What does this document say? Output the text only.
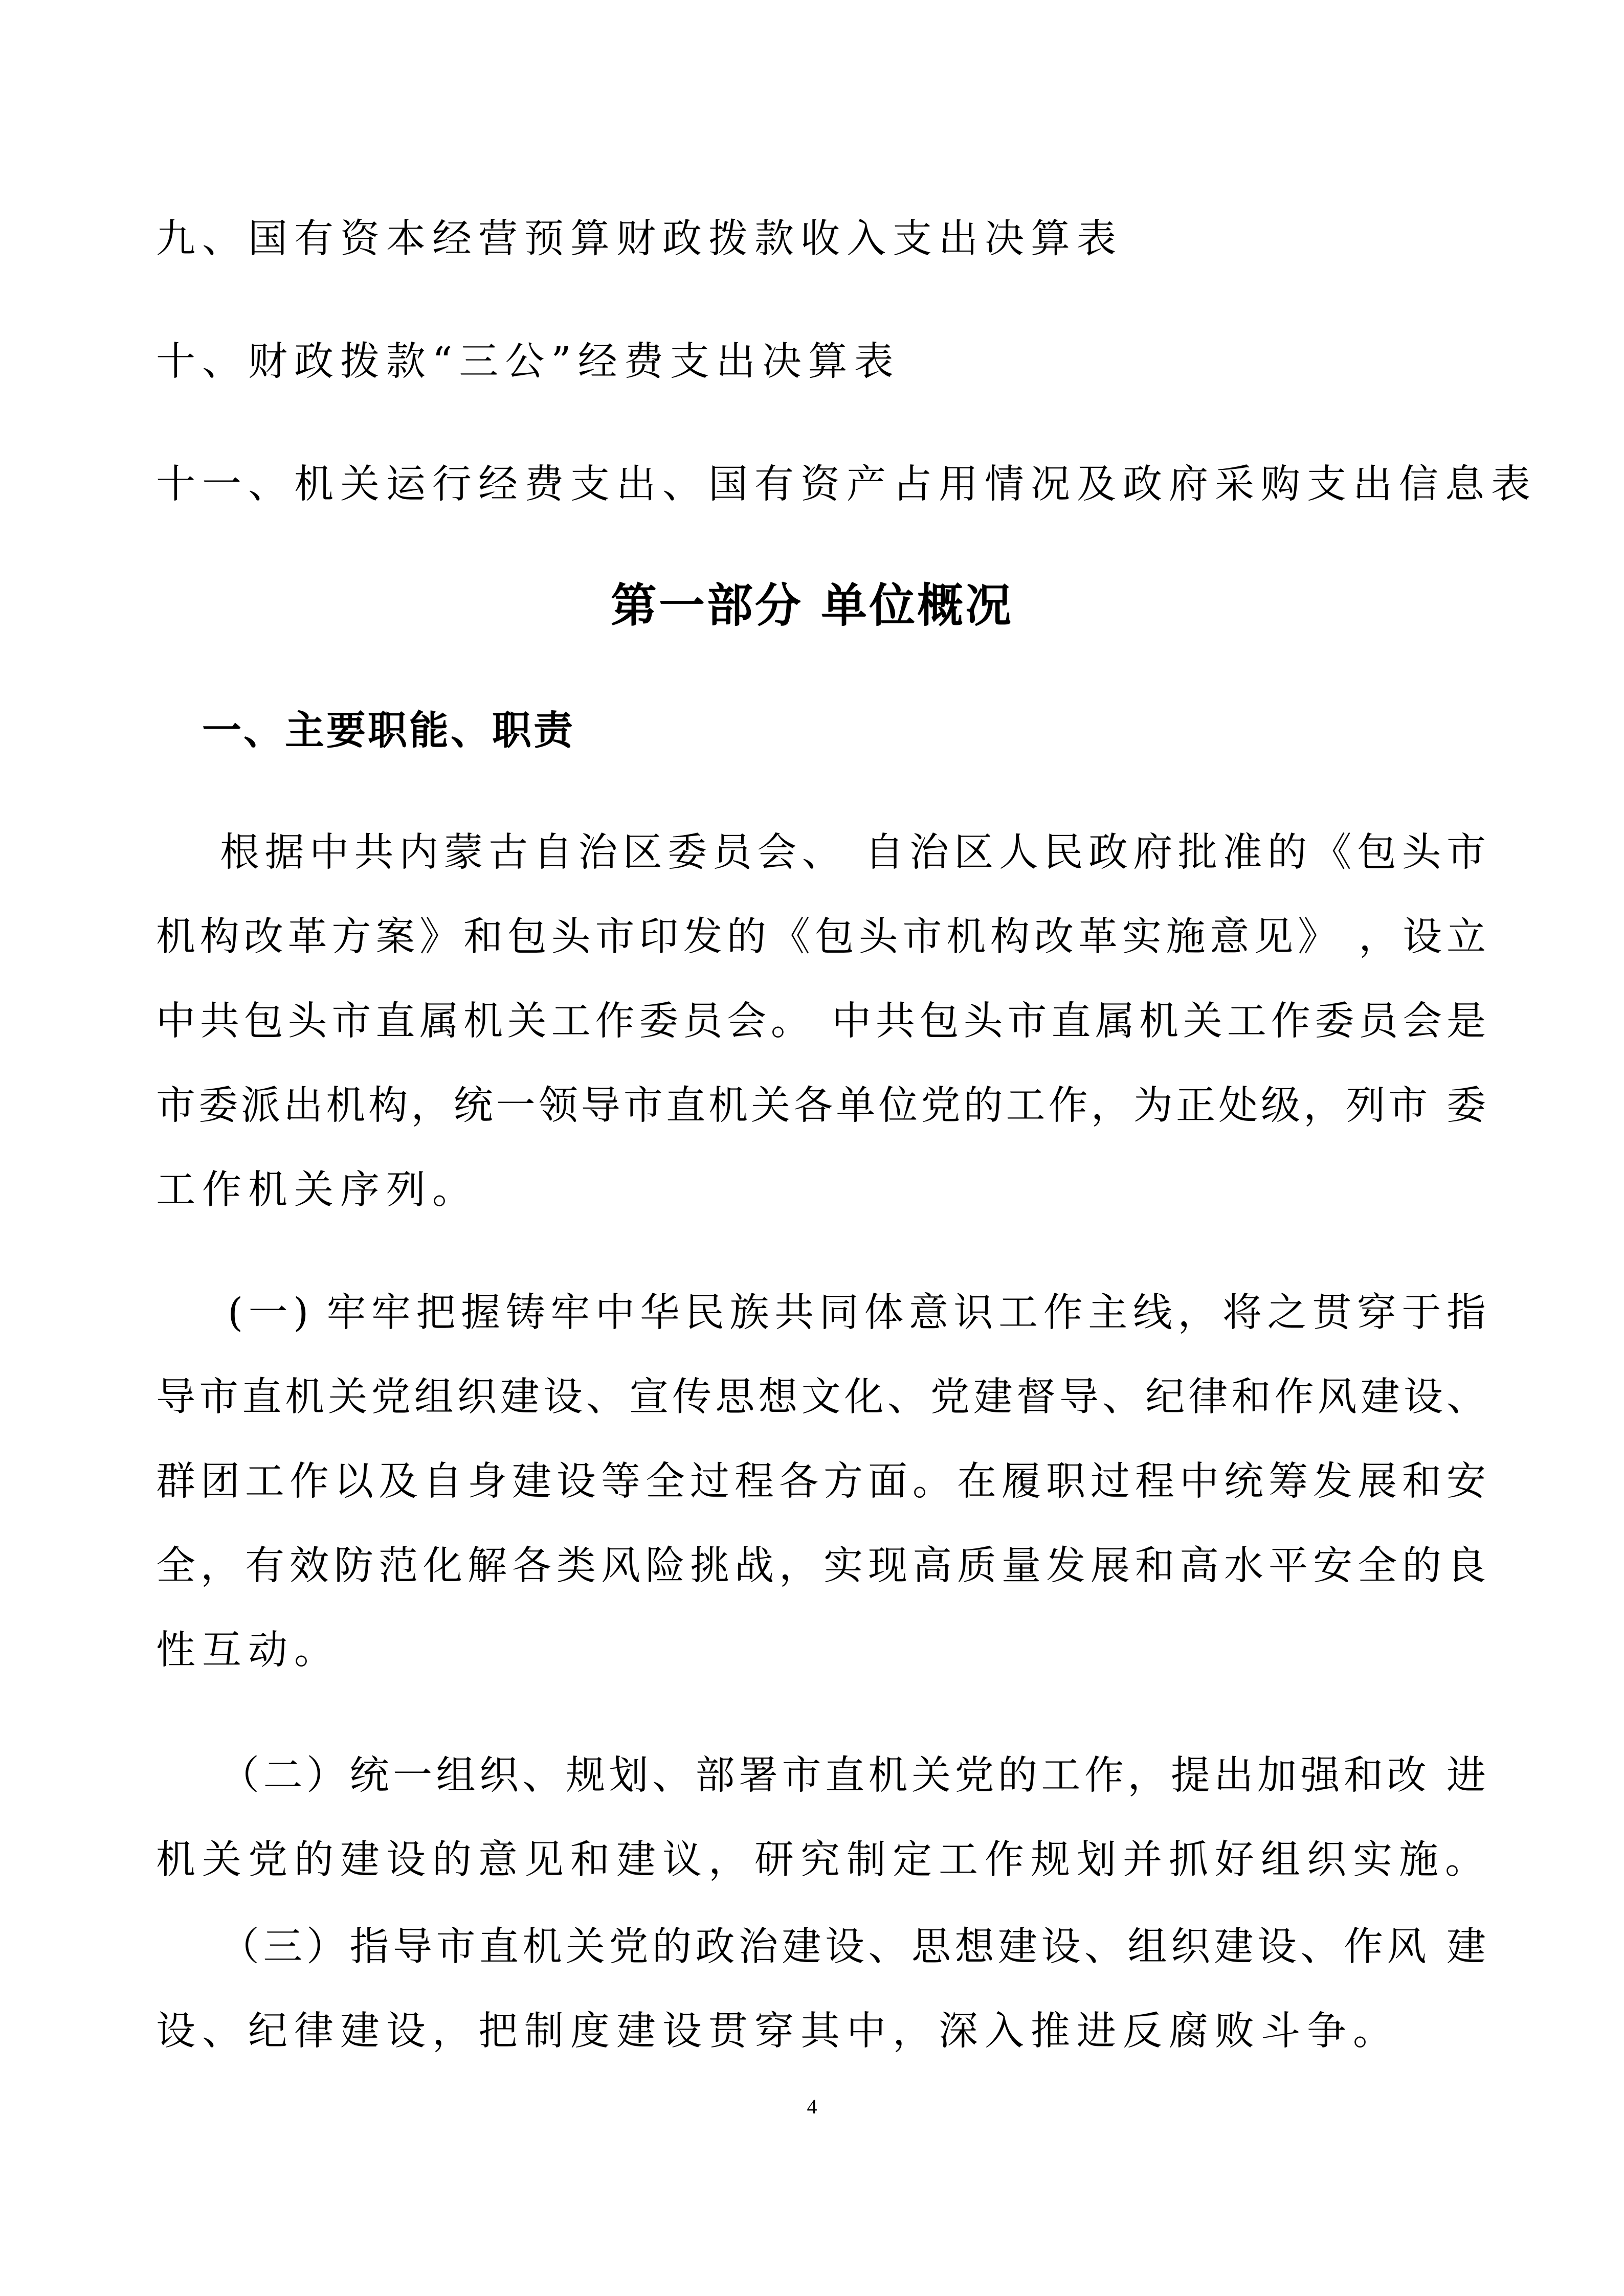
九、国有资本经营预算财政拨款收入支出决算表

十、财政拨款“三公”经费支出决算表

十一、机关运行经费支出、国有资产占用情况及政府采购支出信息表

第一部分 单位概况
一、主要职能、职责
根据中共内蒙古自治区委员会、 自治区人民政府批准的《包头市
机构改革方案》和包头市印发的《包头市机构改革实施意见》 ，设立
中共包头市直属机关工作委员会。 中共包头市直属机关工作委员会是
市委派出机构，统一领导市直机关各单位党的工作，为正处级，列市 委
工作机关序列。
(一) 牢牢把握铸牢中华民族共同体意识工作主线，将之贯穿于指
导市直机关党组织建设、宣传思想文化、党建督导、纪律和作风建设、
群团工作以及自身建设等全过程各方面。在履职过程中统筹发展和安
全，有效防范化解各类风险挑战，实现高质量发展和高水平安全的良
性互动。
（二）统一组织、规划、部署市直机关党的工作，提出加强和改 进
机关党的建设的意见和建议，研究制定工作规划并抓好组织实施。
（三）指导市直机关党的政治建设、思想建设、组织建设、作风 建
设、纪律建设，把制度建设贯穿其中，深入推进反腐败斗争。
4
